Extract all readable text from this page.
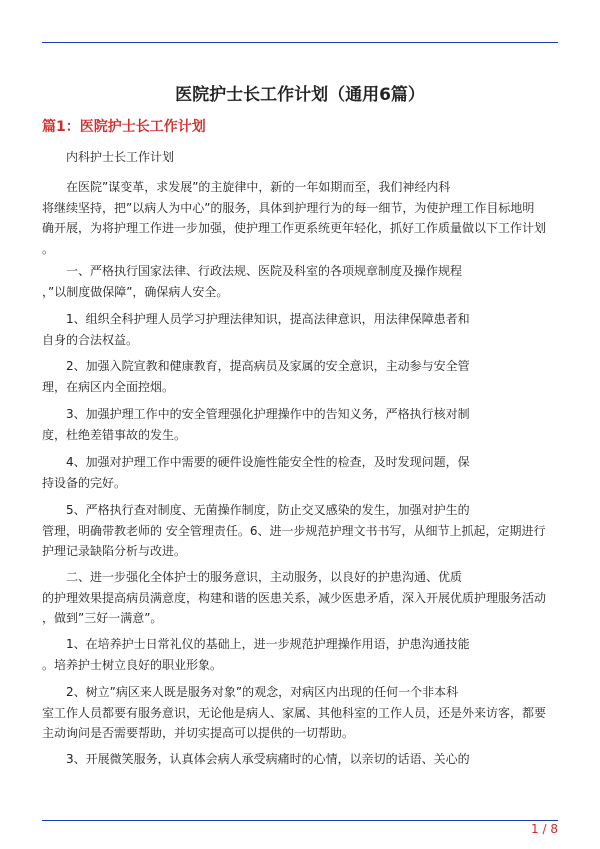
医院护士长工作计划（通用6篇）
篇1：医院护士长工作计划
　　内科护士长工作计划
　　在医院”谋变革，求发展”的主旋律中，新的一年如期而至，我们神经内科
将继续坚持，把”以病人为中心”的服务，具体到护理行为的每一细节，为使护理工作目标地明
确开展，为将护理工作进一步加强，使护理工作更系统更年轻化，抓好工作质量做以下工作计划
。
　　一、严格执行国家法律、行政法规、医院及科室的各项规章制度及操作规程
，”以制度做保障”，确保病人安全。
　　1、组织全科护理人员学习护理法律知识，提高法律意识，用法律保障患者和
自身的合法权益。
　　2、加强入院宣教和健康教育，提高病员及家属的安全意识，主动参与安全管
理，在病区内全面控烟。
　　3、加强护理工作中的安全管理强化护理操作中的告知义务，严格执行核对制
度，杜绝差错事故的发生。
　　4、加强对护理工作中需要的硬件设施性能安全性的检查，及时发现问题，保
持设备的完好。
　　5、严格执行查对制度、无菌操作制度，防止交叉感染的发生，加强对护生的
管理，明确带教老师的 安全管理责任。6、进一步规范护理文书书写，从细节上抓起，定期进行
护理记录缺陷分析与改进。
　　二、进一步强化全体护士的服务意识，主动服务，以良好的护患沟通、优质
的护理效果提高病员满意度，构建和谐的医患关系，减少医患矛盾，深入开展优质护理服务活动
，做到”三好一满意”。
　　1、在培养护士日常礼仪的基础上，进一步规范护理操作用语，护患沟通技能
。培养护士树立良好的职业形象。
　　2、树立”病区来人既是服务对象”的观念，对病区内出现的任何一个非本科
室工作人员都要有服务意识，无论他是病人、家属、其他科室的工作人员，还是外来访客，都要
主动询问是否需要帮助，并切实提高可以提供的一切帮助。
　　3、开展微笑服务，认真体会病人承受病痛时的心情，以亲切的话语、关心的
1 / 8
